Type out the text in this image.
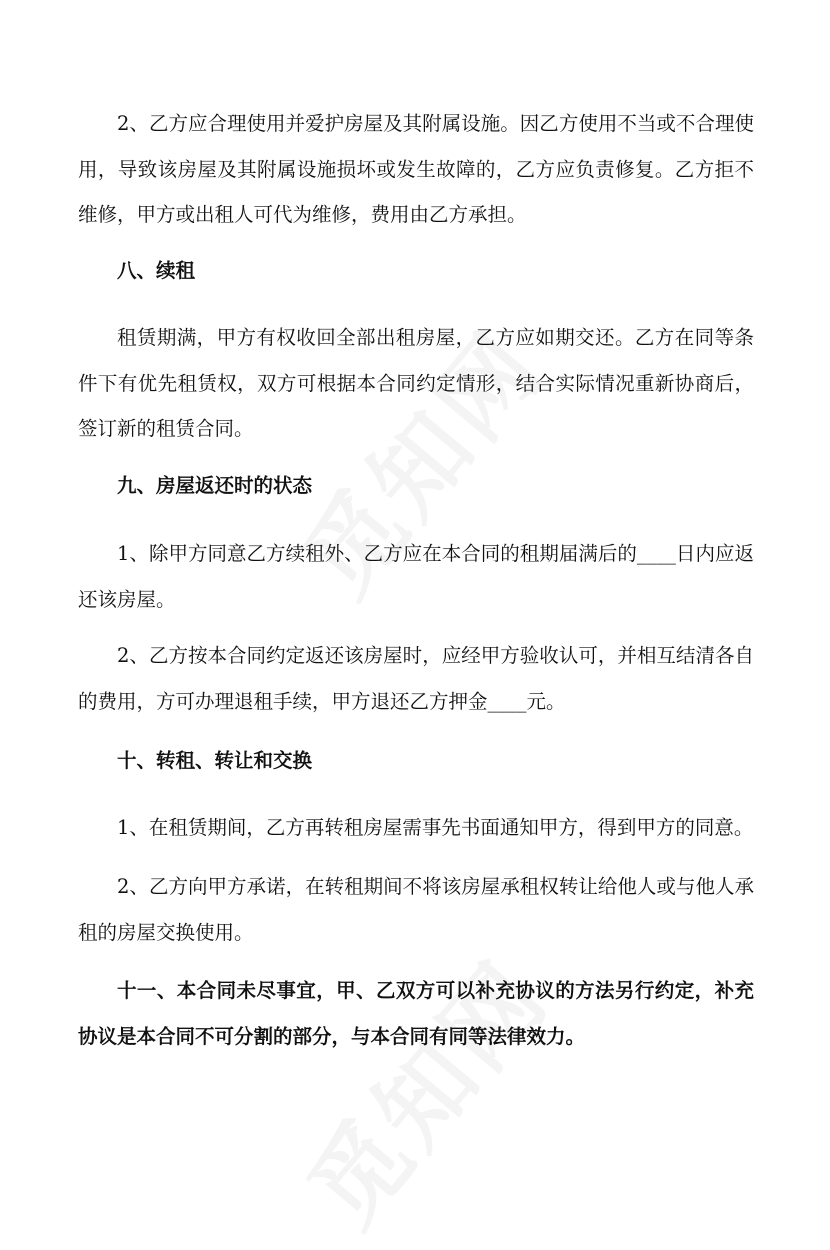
2、乙方应合理使用并爱护房屋及其附属设施。因乙方使用不当或不合理使用，导致该房屋及其附属设施损坏或发生故障的，乙方应负责修复。乙方拒不维修，甲方或出租人可代为维修，费用由乙方承担。
八、续租
租赁期满，甲方有权收回全部出租房屋，乙方应如期交还。乙方在同等条件下有优先租赁权，双方可根据本合同约定情形，结合实际情况重新协商后，签订新的租赁合同。
九、房屋返还时的状态
1、除甲方同意乙方续租外、乙方应在本合同的租期届满后的____日内应返还该房屋。
2、乙方按本合同约定返还该房屋时，应经甲方验收认可，并相互结清各自的费用，方可办理退租手续，甲方退还乙方押金____元。
十、转租、转让和交换
1、在租赁期间，乙方再转租房屋需事先书面通知甲方，得到甲方的同意。
2、乙方向甲方承诺，在转租期间不将该房屋承租权转让给他人或与他人承租的房屋交换使用。
十一、本合同未尽事宜，甲、乙双方可以补充协议的方法另行约定，补充协议是本合同不可分割的部分，与本合同有同等法律效力。
